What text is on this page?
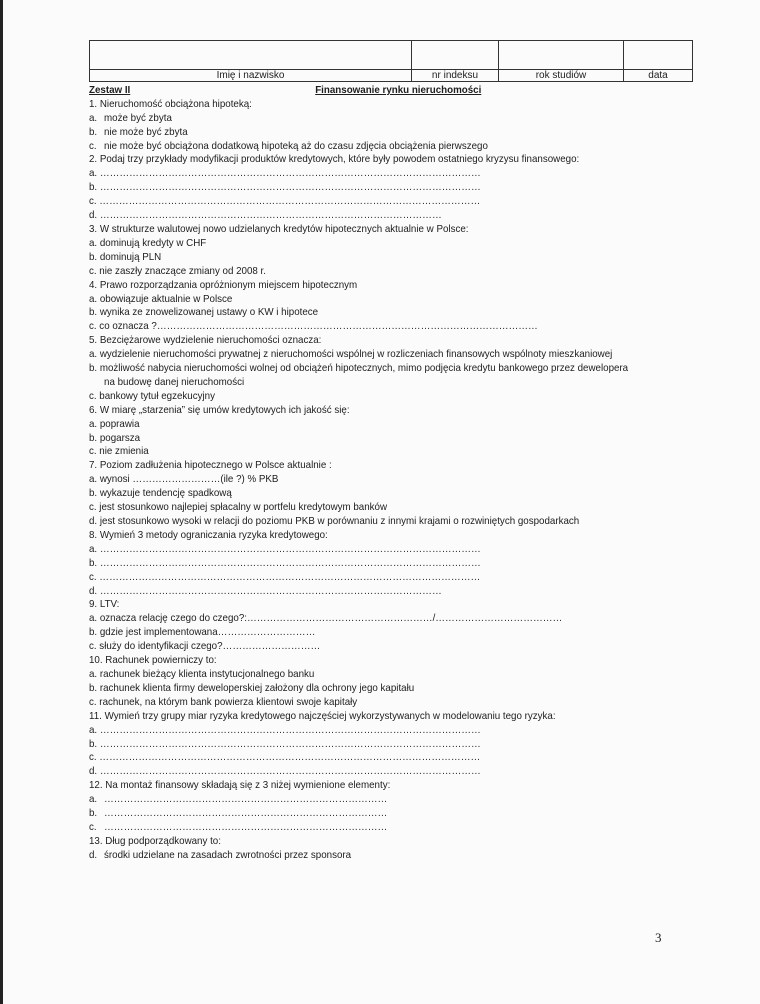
Imię i nazwisko	nr indeksu	rok studiów	data
Finansowanie rynku nieruchomości
Zestaw II
1. Nieruchomość obciążona hipoteką:
a. może być zbyta
b. nie może być zbyta
c. nie może być obciążona dodatkową hipoteką aż do czasu zdjęcia obciążenia pierwszego
2. Podaj trzy przykłady modyfikacji produktów kredytowych, które były powodem ostatniego kryzysu finansowego:
a. ………………………………………………………………………………………………………
b. ………………………………………………………………………………………………………
c. ………………………………………………………………………………………………………
d. ……………………………………………………………………………………………
3. W strukturze walutowej nowo udzielanych kredytów hipotecznych aktualnie w Polsce:
a. dominują kredyty w CHF
b. dominują PLN
c. nie zaszły znaczące zmiany od 2008 r.
4. Prawo rozporządzania opróżnionym miejscem hipotecznym
a. obowiązuje aktualnie w Polsce
b. wynika ze znowelizowanej ustawy o KW i hipotece
c. co oznacza ?………………………………………………………………………………………………………
5. Bezciężarowe wydzielenie nieruchomości oznacza:
a. wydzielenie nieruchomości prywatnej z nieruchomości wspólnej w rozliczeniach finansowych wspólnoty mieszkaniowej
b. możliwość nabycia nieruchomości wolnej od obciążeń hipotecznych, mimo podjęcia kredytu bankowego przez dewelopera
na budowę danej nieruchomości
c. bankowy tytuł egzekucyjny
6. W miarę „starzenia” się umów kredytowych ich jakość się:
a. poprawia
b. pogarsza
c. nie zmienia
7. Poziom zadłużenia hipotecznego w Polsce aktualnie :
a. wynosi ………………………(ile ?) % PKB
b. wykazuje tendencję spadkową
c. jest stosunkowo najlepiej spłacalny w portfelu kredytowym banków
d. jest stosunkowo wysoki w relacji do poziomu PKB w porównaniu z innymi krajami o rozwiniętych gospodarkach
8. Wymień 3 metody ograniczania ryzyka kredytowego:
a. ………………………………………………………………………………………………………
b. ………………………………………………………………………………………………………
c. ………………………………………………………………………………………………………
d. ……………………………………………………………………………………………
9. LTV:
a. oznacza relację czego do czego?:…………………………………………………/…………………………………
b. gdzie jest implementowana…………………………
c. służy do identyfikacji czego?…………………………
10. Rachunek powierniczy to:
a. rachunek bieżący klienta instytucjonalnego banku
b. rachunek klienta firmy deweloperskiej założony dla ochrony jego kapitału
c. rachunek, na którym bank powierza klientowi swoje kapitały
11. Wymień trzy grupy miar ryzyka kredytowego najczęściej wykorzystywanych w modelowaniu tego ryzyka:
a. ………………………………………………………………………………………………………
b. ………………………………………………………………………………………………………
c. ………………………………………………………………………………………………………
d. ………………………………………………………………………………………………………
12. Na montaż finansowy składają się z 3 niżej wymienione elementy:
a. ……………………………………………………………………………
b. ……………………………………………………………………………
c. ……………………………………………………………………………
13. Dług podporządkowany to:
d. środki udzielane na zasadach zwrotności przez sponsora
3
